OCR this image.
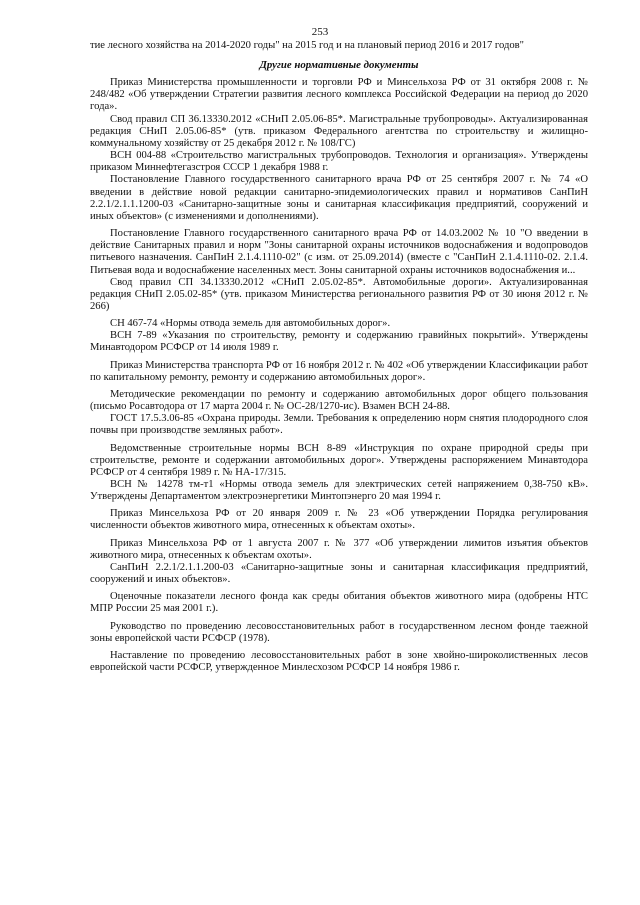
253

тие лесного хозяйства на 2014-2020 годы" на 2015 год и на плановый период 2016 и 2017 годов"

Другие нормативные документы

Приказ Министерства промышленности и торговли РФ и Минсельхоза РФ от 31 октября 2008 г. № 248/482 «Об утверждении Стратегии развития лесного комплекса Российской Федерации на период до 2020 года».

Свод правил СП 36.13330.2012 «СНиП 2.05.06-85*. Магистральные трубопроводы». Актуализированная редакция СНиП 2.05.06-85* (утв. приказом Федерального агентства по строительству и жилищно-коммунальному хозяйству от 25 декабря 2012 г. № 108/ГС)

ВСН 004-88 «Строительство магистральных трубопроводов. Технология и организация». Утверждены приказом Миннефтегазстроя СССР 1 декабря 1988 г.

Постановление Главного государственного санитарного врача РФ от 25 сентября 2007 г. № 74 «О введении в действие новой редакции санитарно-эпидемиологических правил и нормативов СанПиН 2.2.1/2.1.1.1200-03 «Санитарно-защитные зоны и санитарная классификация предприятий, сооружений и иных объектов» (с изменениями и дополнениями).

Постановление Главного государственного санитарного врача РФ от 14.03.2002 № 10 "О введении в действие Санитарных правил и норм "Зоны санитарной охраны источников водоснабжения и водопроводов питьевого назначения. СанПиН 2.1.4.1110-02" (с изм. от 25.09.2014) (вместе с "СанПиН 2.1.4.1110-02. 2.1.4. Питьевая вода и водоснабжение населенных мест. Зоны санитарной охраны источников водоснабжения и...

Свод правил СП 34.13330.2012 «СНиП 2.05.02-85*. Автомобильные дороги». Актуализированная редакция СНиП 2.05.02-85* (утв. приказом Министерства регионального развития РФ от 30 июня 2012 г. № 266)

СН 467-74 «Нормы отвода земель для автомобильных дорог».

ВСН 7-89 «Указания по строительству, ремонту и содержанию гравийных покрытий». Утверждены Минавтодором РСФСР от 14 июля 1989 г.

Приказ Министерства транспорта РФ от 16 ноября 2012 г. № 402 «Об утверждении Классификации работ по капитальному ремонту, ремонту и содержанию автомобильных дорог».

Методические рекомендации по ремонту и содержанию автомобильных дорог общего пользования (письмо Росавтодора от 17 марта 2004 г. № ОС-28/1270-ис). Взамен ВСН 24-88.

ГОСТ 17.5.3.06-85 «Охрана природы. Земли. Требования к определению норм снятия плодородного слоя почвы при производстве земляных работ».

Ведомственные строительные нормы ВСН 8-89 «Инструкция по охране природной среды при строительстве, ремонте и содержании автомобильных дорог». Утверждены распоряжением Минавтодора РСФСР от 4 сентября 1989 г. № НА-17/315.

ВСН № 14278 тм-т1 «Нормы отвода земель для электрических сетей напряжением 0,38-750 кВ». Утверждены Департаментом электроэнергетики Минтопэнерго 20 мая 1994 г.

Приказ Минсельхоза РФ от 20 января 2009 г. № 23 «Об утверждении Порядка регулирования численности объектов животного мира, отнесенных к объектам охоты».

Приказ Минсельхоза РФ от 1 августа 2007 г. № 377 «Об утверждении лимитов изъятия объектов животного мира, отнесенных к объектам охоты».

СанПиН 2.2.1/2.1.1.200-03 «Санитарно-защитные зоны и санитарная классификация предприятий, сооружений и иных объектов».

Оценочные показатели лесного фонда как среды обитания объектов животного мира (одобрены НТС МПР России 25 мая 2001 г.).

Руководство по проведению лесовосстановительных работ в государственном лесном фонде таежной зоны европейской части РСФСР (1978).

Наставление по проведению лесовосстановительных работ в зоне хвойно-широколиственных лесов европейской части РСФСР, утвержденное Минлесхозом РСФСР 14 ноября 1986 г.
